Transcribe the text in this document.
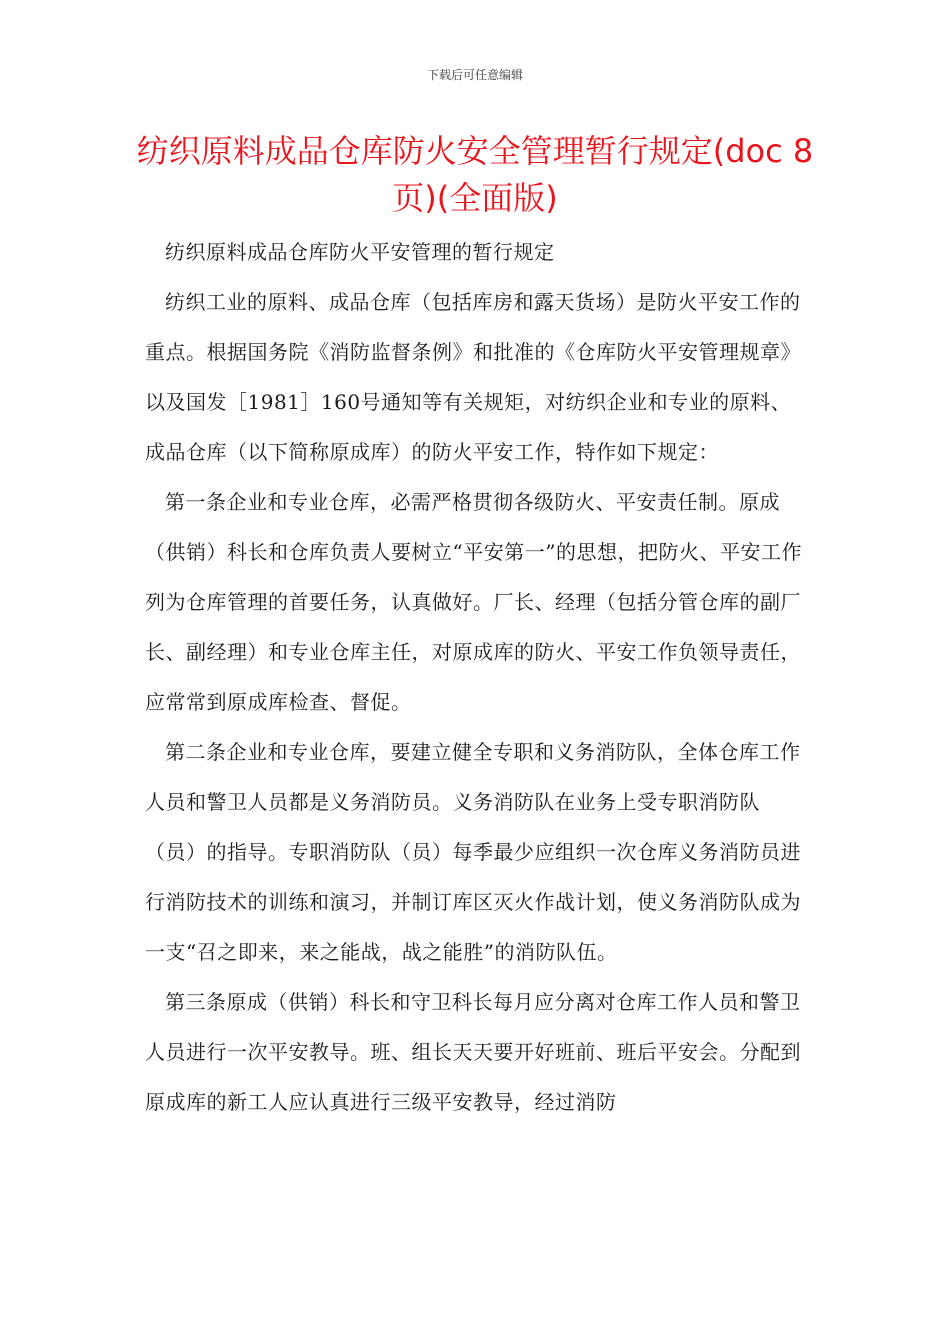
下载后可任意编辑
纺织原料成品仓库防火安全管理暂行规定(doc 8页)(全面版)

纺织原料成品仓库防火平安管理的暂行规定

纺织工业的原料、成品仓库（包括库房和露天货场）是防火平安工作的重点。根据国务院《消防监督条例》和批准的《仓库防火平安管理规章》以及国发［1981］160号通知等有关规矩，对纺织企业和专业的原料、成品仓库（以下简称原成库）的防火平安工作，特作如下规定：

第一条企业和专业仓库，必需严格贯彻各级防火、平安责任制。原成（供销）科长和仓库负责人要树立“平安第一”的思想，把防火、平安工作列为仓库管理的首要任务，认真做好。厂长、经理（包括分管仓库的副厂长、副经理）和专业仓库主任，对原成库的防火、平安工作负领导责任，应常常到原成库检查、督促。

第二条企业和专业仓库，要建立健全专职和义务消防队，全体仓库工作人员和警卫人员都是义务消防员。义务消防队在业务上受专职消防队（员）的指导。专职消防队（员）每季最少应组织一次仓库义务消防员进行消防技术的训练和演习，并制订库区灭火作战计划，使义务消防队成为一支“召之即来，来之能战，战之能胜”的消防队伍。

第三条原成（供销）科长和守卫科长每月应分离对仓库工作人员和警卫人员进行一次平安教导。班、组长天天要开好班前、班后平安会。分配到原成库的新工人应认真进行三级平安教导，经过消防
